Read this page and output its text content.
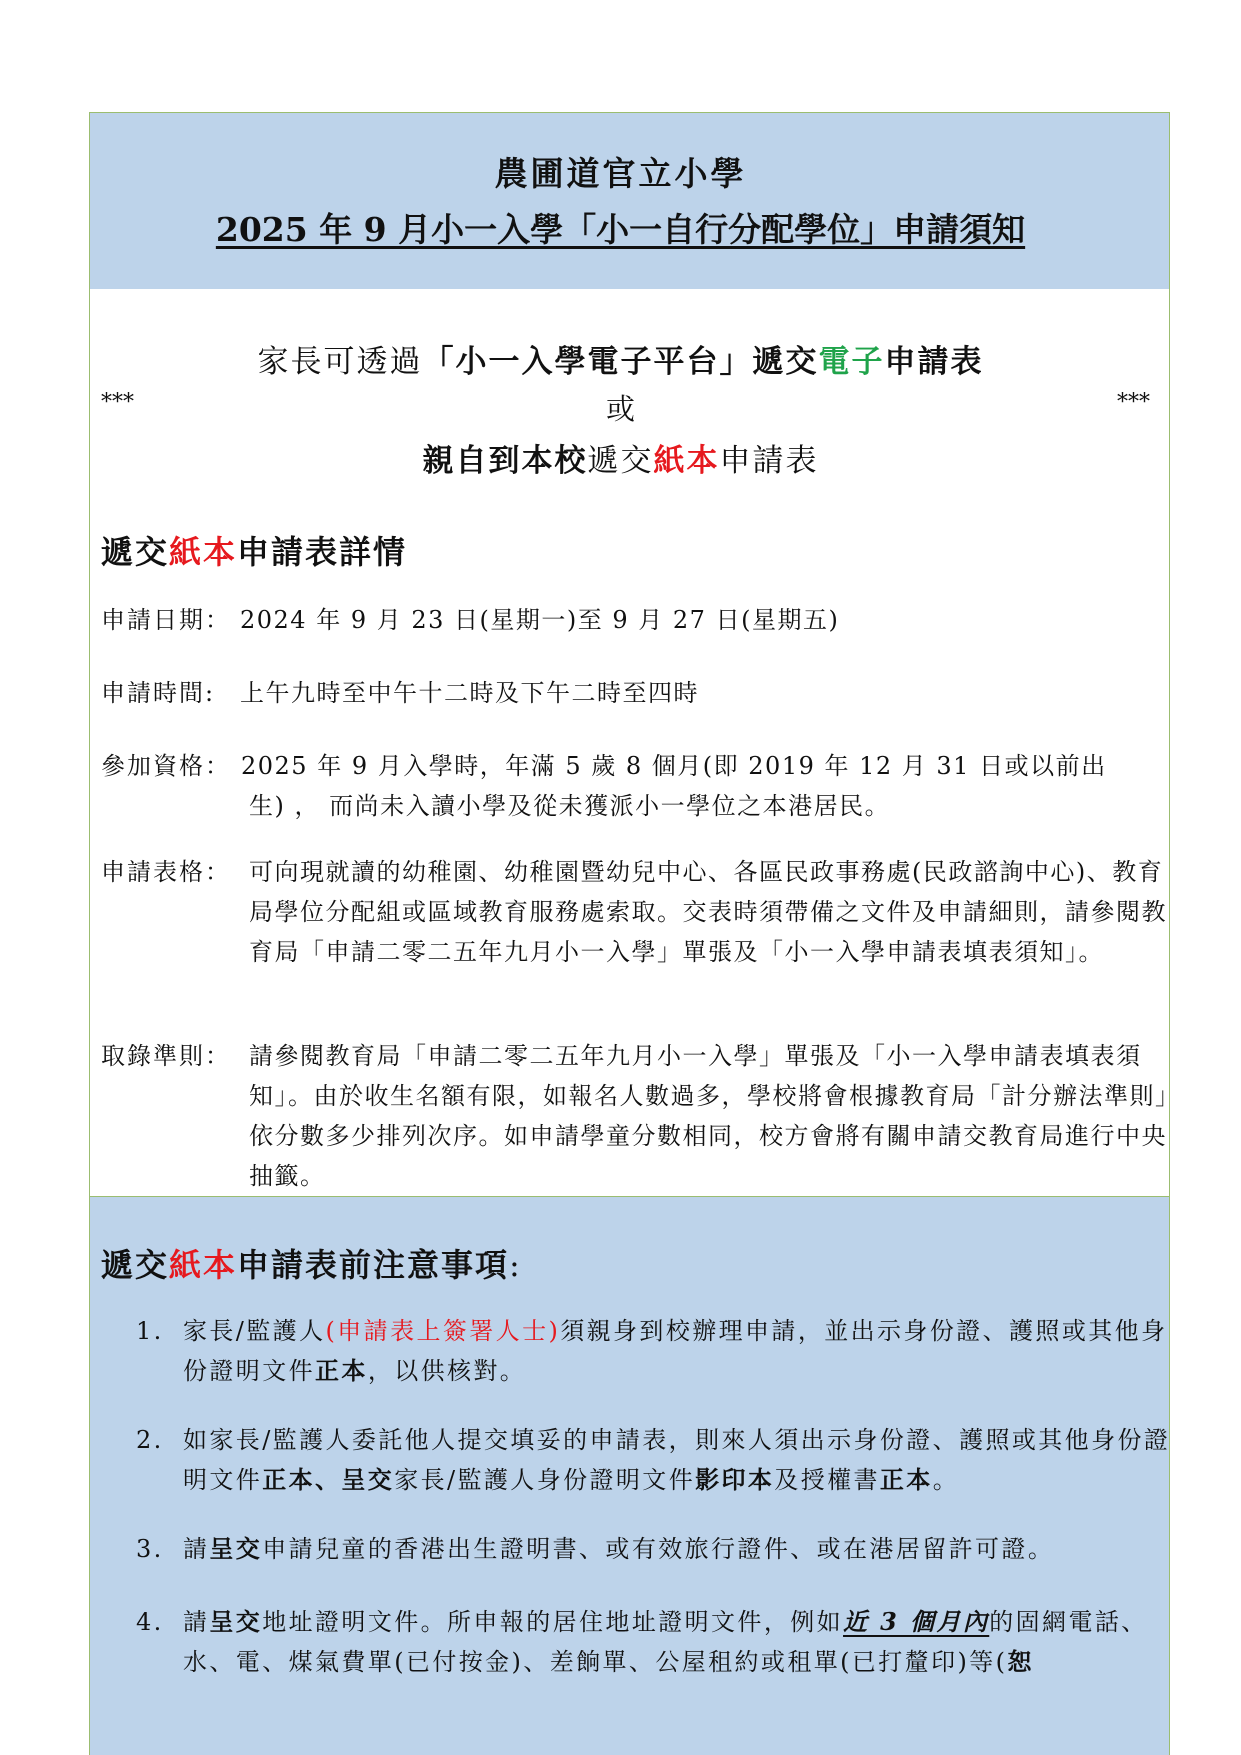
農圃道官立小學
2025 年 9 月小一入學「小一自行分配學位」申請須知
家長可透過「小一入學電子平台」遞交電子申請表
***	或	***
親自到本校遞交紙本申請表
遞交紙本申請表詳情
申請日期： 2024 年 9 月 23 日(星期一)至 9 月 27 日(星期五)
申請時間: 上午九時至中午十二時及下午二時至四時
參加資格： 2025 年 9 月入學時，年滿 5 歲 8 個月(即 2019 年 12 月 31 日或以前出生) ， 而尚未入讀小學及從未獲派小一學位之本港居民。
申請表格： 可向現就讀的幼稚園、幼稚園暨幼兒中心、各區民政事務處(民政諮詢中心)、教育局學位分配組或區域教育服務處索取。交表時須帶備之文件及申請細則，請參閱教育局「申請二零二五年九月小一入學」單張及「小一入學申請表填表須知」。
取錄準則： 請參閱教育局「申請二零二五年九月小一入學」單張及「小一入學申請表填表須知」。由於收生名額有限，如報名人數過多，學校將會根據教育局「計分辦法準則」依分數多少排列次序。如申請學童分數相同，校方會將有關申請交教育局進行中央抽籤。
遞交紙本申請表前注意事項:
1. 家長/監護人(申請表上簽署人士)須親身到校辦理申請，並出示身份證、護照或其他身份證明文件正本，以供核對。
2. 如家長/監護人委託他人提交填妥的申請表，則來人須出示身份證、護照或其他身份證明文件正本、呈交家長/監護人身份證明文件影印本及授權書正本。
3. 請呈交申請兒童的香港出生證明書、或有效旅行證件、或在港居留許可證。
4. 請呈交地址證明文件。所申報的居住地址證明文件，例如近 3 個月內的固網電話、水、電、煤氣費單(已付按金)、差餉單、公屋租約或租單(已打釐印)等(恕
